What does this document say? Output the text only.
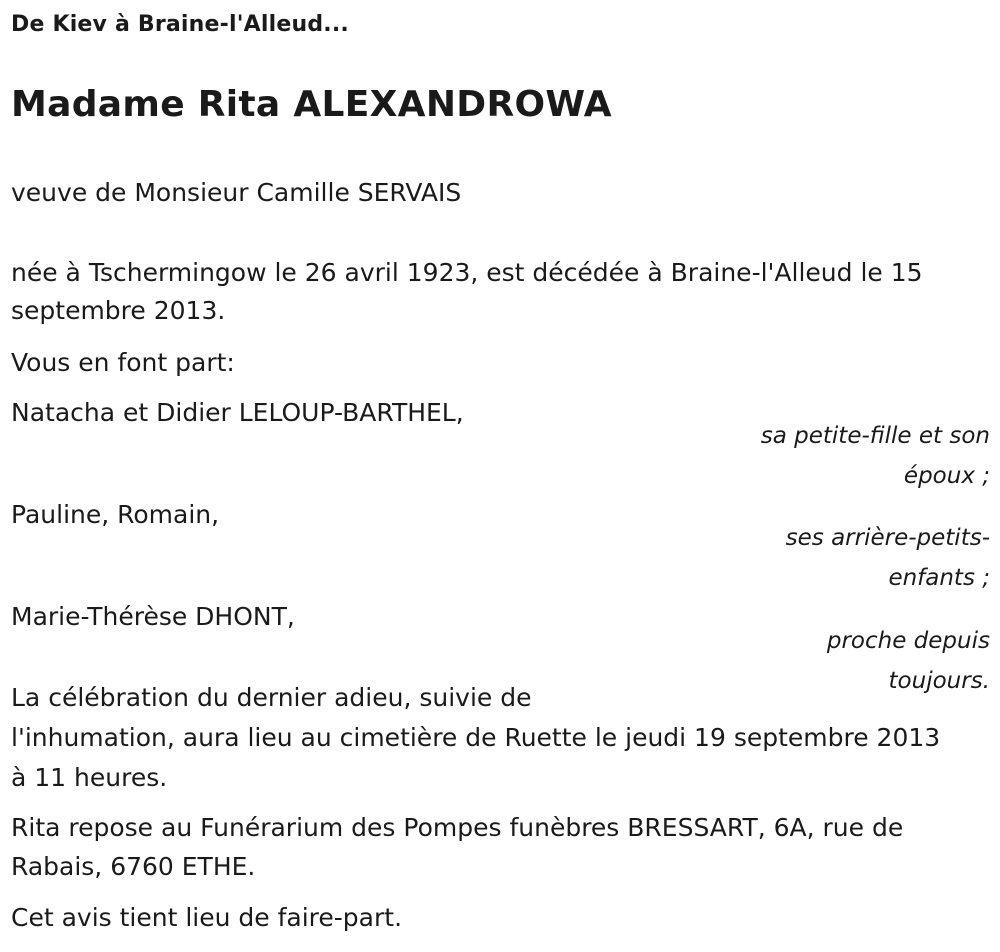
De Kiev à Braine-l'Alleud...
Madame Rita ALEXANDROWA
veuve de Monsieur Camille SERVAIS
née à Tschermingow le 26 avril 1923, est décédée à Braine-l'Alleud le 15
septembre 2013.
Vous en font part:
Natacha et Didier LELOUP-BARTHEL,
sa petite-fille et son
époux ;
Pauline, Romain,
ses arrière-petits-
enfants ;
Marie-Thérèse DHONT,
proche depuis
toujours.
La célébration du dernier adieu, suivie de
l'inhumation, aura lieu au cimetière de Ruette le jeudi 19 septembre 2013
à 11 heures.
Rita repose au Funérarium des Pompes funèbres BRESSART, 6A, rue de
Rabais, 6760 ETHE.
Cet avis tient lieu de faire-part.
